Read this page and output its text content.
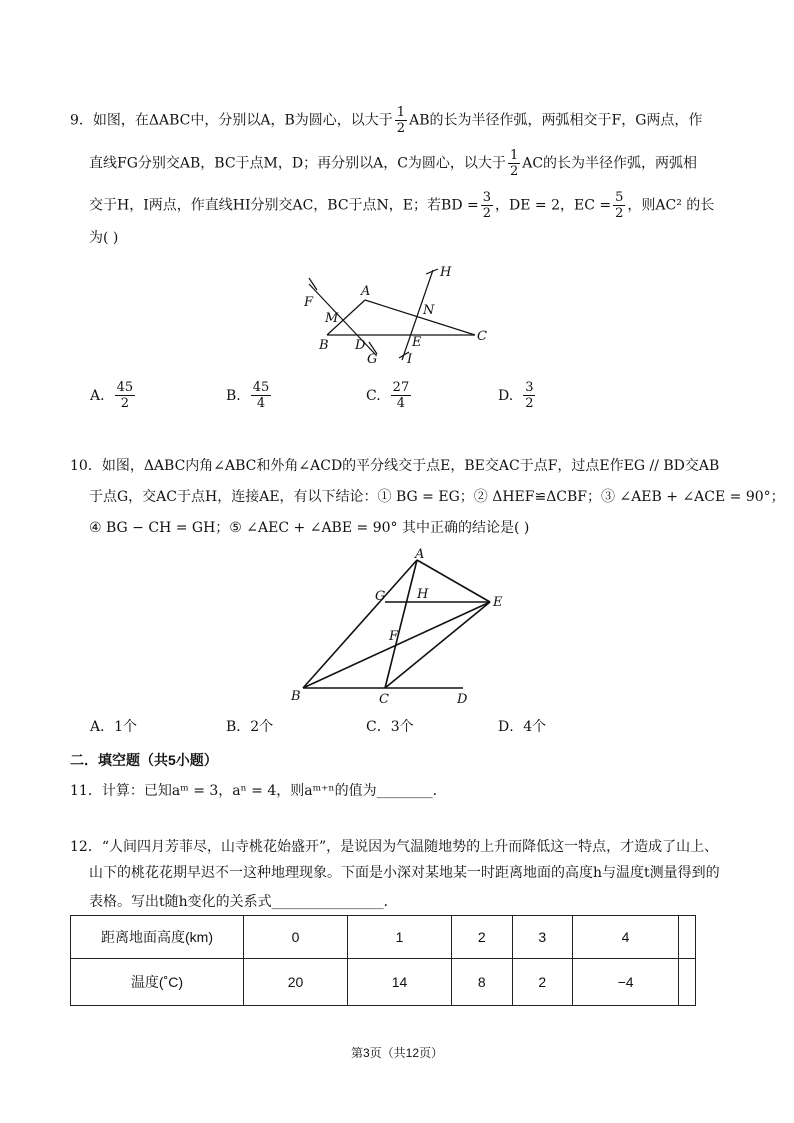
9．如图，在ΔABC中，分别以A，B为圆心，以大于 $\frac{1}{2}$ AB的长为半径作弧，两弧相交于F，G两点，作
直线FG分别交AB，BC于点M，D；再分别以A，C为圆心，以大于 $\frac{1}{2}$ AC的长为半径作弧，两弧相
交于H，I两点，作直线HI分别交AC，BC于点N，E；若BD = $\frac{3}{2}$ ，DE = 2，EC = $\frac{5}{2}$ ，则AC² 的长
为( )
A
B
C
D	E
F
G
H
I
M
N
A. $\frac{45}{2}$	B. $\frac{45}{4}$	C. $\frac{27}{4}$	D. $\frac{3}{2}$
10．如图，ΔABC内角∠ABC和外角∠ACD的平分线交于点E，BE交AC于点F，过点E作EG // BD交AB
于点G，交AC于点H，连接AE，有以下结论：① BG = EG；② ΔHEF≌ΔCBF；③ ∠AEB + ∠ACE = 90°；
④ BG − CH = GH；⑤ ∠AEC + ∠ABE = 90° 其中正确的结论是( )
A
B	C	D
E
F
G H
A．1个	B．2个	C．3个	D．4个
二．填空题（共5小题）
11．计算：已知aᵐ = 3，aⁿ = 4，则aᵐ⁺ⁿ的值为________．
12．“人间四月芳菲尽，山寺桃花始盛开”，是说因为气温随地势的上升而降低这一特点，才造成了山上、
山下的桃花花期早迟不一这种地理现象。下面是小深对某地某一时距离地面的高度h与温度t测量得到的
表格。写出t随h变化的关系式________________．
距离地面高度(km)	0	1	2	3	4	
温度(˚C)	20	14	8	2	−4	
第3页（共12页）
